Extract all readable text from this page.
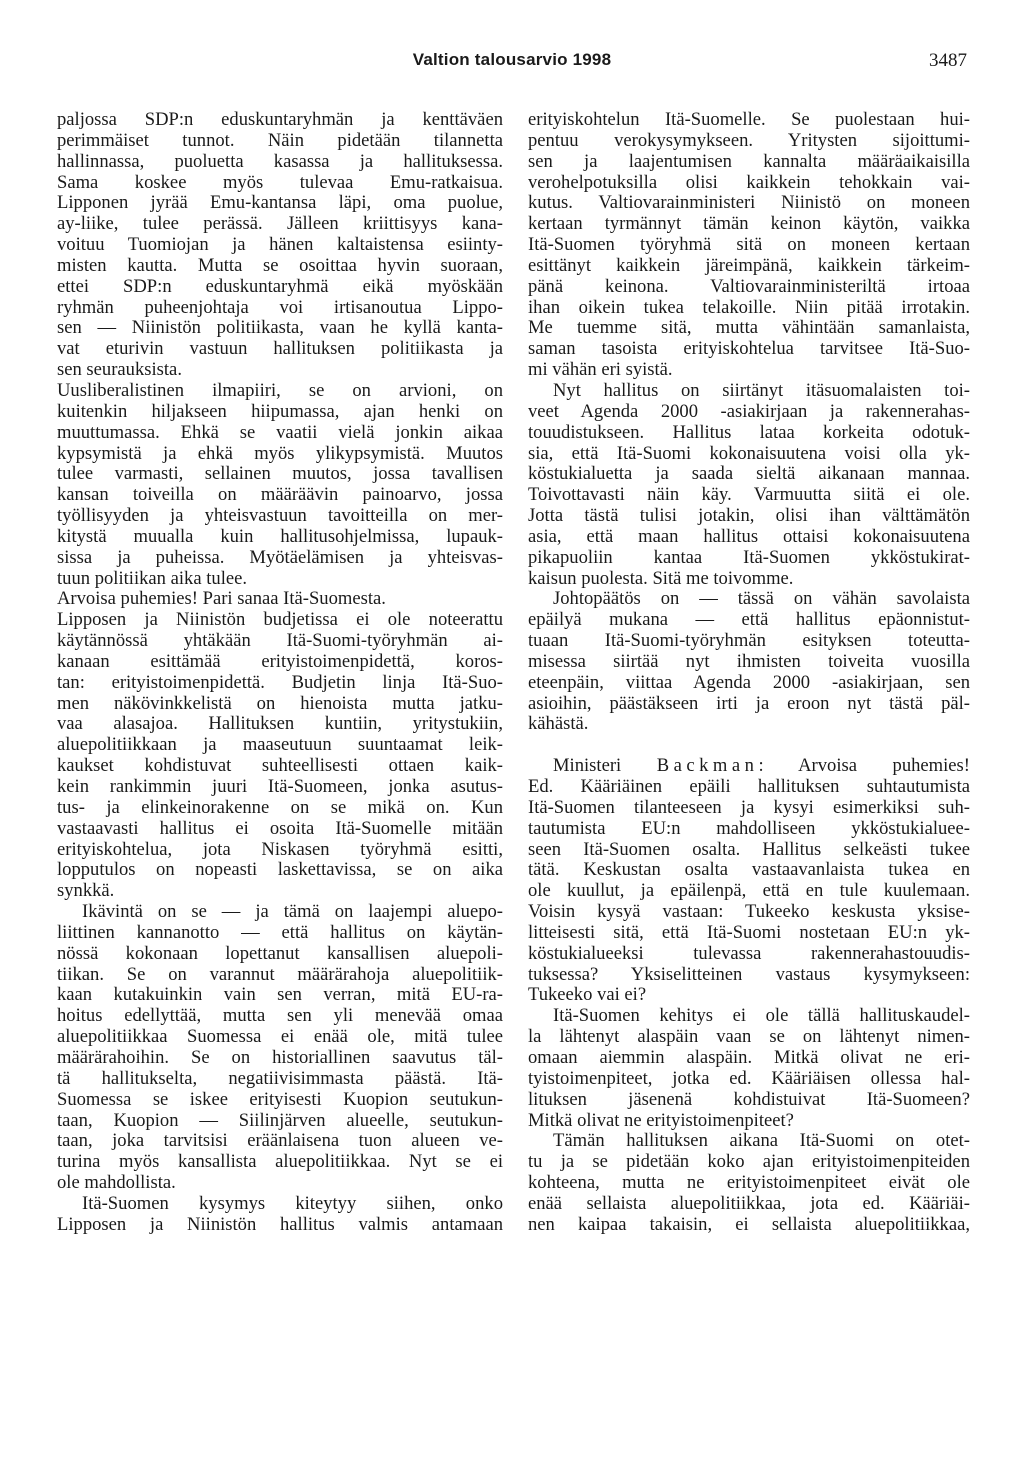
Valtion talousarvio 1998	3487
paljossa SDP:n eduskuntaryhmän ja kenttäväen
perimmäiset tunnot. Näin pidetään tilannetta
hallinnassa, puoluetta kasassa ja hallituksessa.
Sama koskee myös tulevaa Emu-ratkaisua.
Lipponen jyrää Emu-kantansa läpi, oma puolue,
ay-liike, tulee perässä. Jälleen kriittisyys kana-
voituu Tuomiojan ja hänen kaltaistensa esiinty-
misten kautta. Mutta se osoittaa hyvin suoraan,
ettei SDP:n eduskuntaryhmä eikä myöskään
ryhmän puheenjohtaja voi irtisanoutua Lippo-
sen — Niinistön politiikasta, vaan he kyllä kanta-
vat eturivin vastuun hallituksen politiikasta ja
sen seurauksista.
Uusliberalistinen ilmapiiri, se on arvioni, on
kuitenkin hiljakseen hiipumassa, ajan henki on
muuttumassa. Ehkä se vaatii vielä jonkin aikaa
kypsymistä ja ehkä myös ylikypsymistä. Muutos
tulee varmasti, sellainen muutos, jossa tavallisen
kansan toiveilla on määräävin painoarvo, jossa
työllisyyden ja yhteisvastuun tavoitteilla on mer-
kitystä muualla kuin hallitusohjelmissa, lupauk-
sissa ja puheissa. Myötäelämisen ja yhteisvas-
tuun politiikan aika tulee.
Arvoisa puhemies! Pari sanaa Itä-Suomesta.
Lipposen ja Niinistön budjetissa ei ole noteerattu
käytännössä yhtäkään Itä-Suomi-työryhmän ai-
kanaan esittämää erityistoimenpidettä, koros-
tan: erityistoimenpidettä. Budjetin linja Itä-Suo-
men näkövinkkelistä on hienoista mutta jatku-
vaa alasajoa. Hallituksen kuntiin, yritystukiin,
aluepolitiikkaan ja maaseutuun suuntaamat leik-
kaukset kohdistuvat suhteellisesti ottaen kaik-
kein rankimmin juuri Itä-Suomeen, jonka asutus-
tus- ja elinkeinorakenne on se mikä on. Kun
vastaavasti hallitus ei osoita Itä-Suomelle mitään
erityiskohtelua, jota Niskasen työryhmä esitti,
lopputulos on nopeasti laskettavissa, se on aika
synkkä.
Ikävintä on se — ja tämä on laajempi aluepo-
liittinen kannanotto — että hallitus on käytän-
nössä kokonaan lopettanut kansallisen aluepoli-
tiikan. Se on varannut määrärahoja aluepolitiik-
kaan kutakuinkin vain sen verran, mitä EU-ra-
hoitus edellyttää, mutta sen yli menevää omaa
aluepolitiikkaa Suomessa ei enää ole, mitä tulee
määrärahoihin. Se on historiallinen saavutus täl-
tä hallitukselta, negatiivisimmasta päästä. Itä-
Suomessa se iskee erityisesti Kuopion seutukun-
taan, Kuopion — Siilinjärven alueelle, seutukun-
taan, joka tarvitsisi eräänlaisena tuon alueen ve-
turina myös kansallista aluepolitiikkaa. Nyt se ei
ole mahdollista.
Itä-Suomen kysymys kiteytyy siihen, onko
Lipposen ja Niinistön hallitus valmis antamaan
erityiskohtelun Itä-Suomelle. Se puolestaan hui-
pentuu verokysymykseen. Yritysten sijoittumi-
sen ja laajentumisen kannalta määräaikaisilla
verohelpotuksilla olisi kaikkein tehokkain vai-
kutus. Valtiovarainministeri Niinistö on moneen
kertaan tyrmännyt tämän keinon käytön, vaikka
Itä-Suomen työryhmä sitä on moneen kertaan
esittänyt kaikkein järeimpänä, kaikkein tärkeim-
pänä keinona. Valtiovarainministeriltä irtoaa
ihan oikein tukea telakoille. Niin pitää irrotakin.
Me tuemme sitä, mutta vähintään samanlaista,
saman tasoista erityiskohtelua tarvitsee Itä-Suo-
mi vähän eri syistä.
Nyt hallitus on siirtänyt itäsuomalaisten toi-
veet Agenda 2000 -asiakirjaan ja rakennerahas-
touudistukseen. Hallitus lataa korkeita odotuk-
sia, että Itä-Suomi kokonaisuutena voisi olla yk-
köstukialuetta ja saada sieltä aikanaan mannaa.
Toivottavasti näin käy. Varmuutta siitä ei ole.
Jotta tästä tulisi jotakin, olisi ihan välttämätön
asia, että maan hallitus ottaisi kokonaisuutena
pikapuoliin kantaa Itä-Suomen ykköstukirat-
kaisun puolesta. Sitä me toivomme.
Johtopäätös on — tässä on vähän savolaista
epäilyä mukana — että hallitus epäonnistut-
tuaan Itä-Suomi-työryhmän esityksen toteutta-
misessa siirtää nyt ihmisten toiveita vuosilla
eteenpäin, viittaa Agenda 2000 -asiakirjaan, sen
asioihin, päästäkseen irti ja eroon nyt tästä päl-
kähästä.
Ministeri Backman: Arvoisa puhemies!
Ed. Kääriäinen epäili hallituksen suhtautumista
Itä-Suomen tilanteeseen ja kysyi esimerkiksi suh-
tautumista EU:n mahdolliseen ykköstukialuee-
seen Itä-Suomen osalta. Hallitus selkeästi tukee
tätä. Keskustan osalta vastaavanlaista tukea en
ole kuullut, ja epäilenpä, että en tule kuulemaan.
Voisin kysyä vastaan: Tukeeko keskusta yksise-
litteisesti sitä, että Itä-Suomi nostetaan EU:n yk-
köstukialueeksi tulevassa rakennerahastouudis-
tuksessa? Yksiselitteinen vastaus kysymykseen:
Tukeeko vai ei?
Itä-Suomen kehitys ei ole tällä hallituskaudel-
la lähtenyt alaspäin vaan se on lähtenyt nimen-
omaan aiemmin alaspäin. Mitkä olivat ne eri-
tyistoimenpiteet, jotka ed. Kääriäisen ollessa hal-
lituksen jäsenenä kohdistuivat Itä-Suomeen?
Mitkä olivat ne erityistoimenpiteet?
Tämän hallituksen aikana Itä-Suomi on otet-
tu ja se pidetään koko ajan erityistoimenpiteiden
kohteena, mutta ne erityistoimenpiteet eivät ole
enää sellaista aluepolitiikkaa, jota ed. Kääriäi-
nen kaipaa takaisin, ei sellaista aluepolitiikkaa,
